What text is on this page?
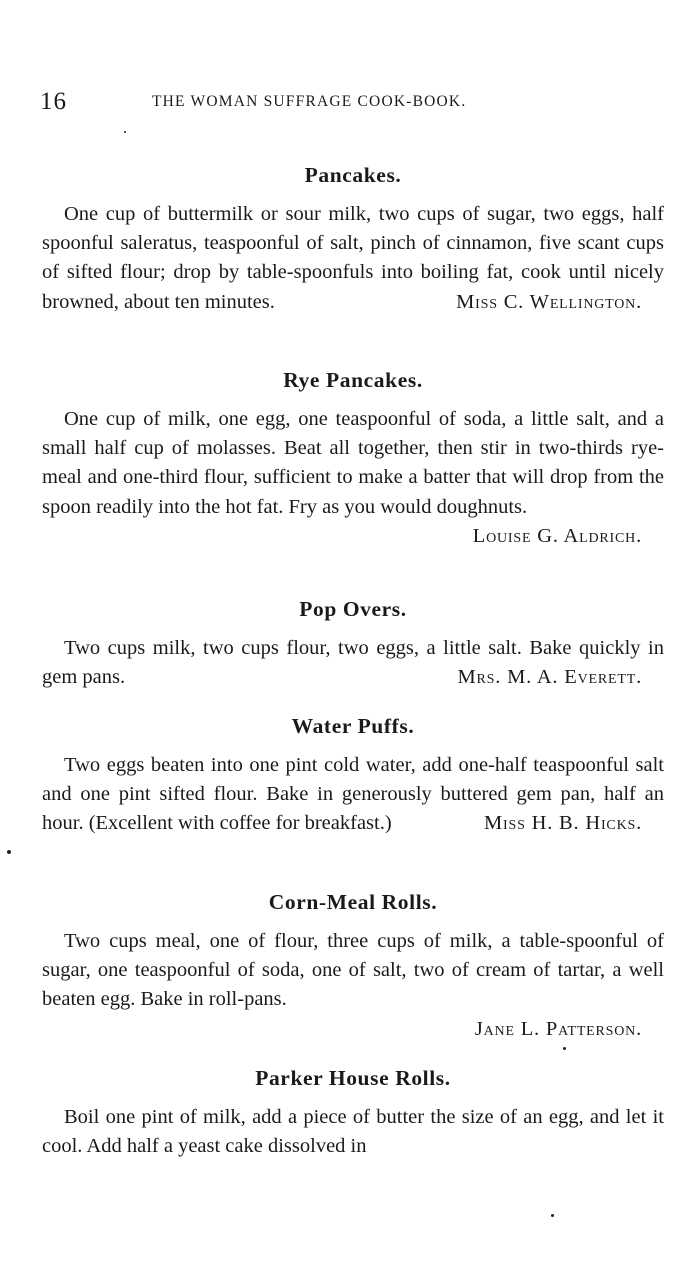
16	THE WOMAN SUFFRAGE COOK-BOOK.
Pancakes.

One cup of buttermilk or sour milk, two cups of sugar, two eggs, half spoonful saleratus, teaspoonful of salt, pinch of cinnamon, five scant cups of sifted flour; drop by table-spoonfuls into boiling fat, cook until nicely browned, about ten minutes.	Miss C. Wellington.

Rye Pancakes.

One cup of milk, one egg, one teaspoonful of soda, a little salt, and a small half cup of molasses. Beat all together, then stir in two-thirds rye-meal and one-third flour, sufficient to make a batter that will drop from the spoon readily into the hot fat. Fry as you would doughnuts.

Louise G. Aldrich.

Pop Overs.

Two cups milk, two cups flour, two eggs, a little salt. Bake quickly in gem pans.	Mrs. M. A. Everett.

Water Puffs.

Two eggs beaten into one pint cold water, add one-half teaspoonful salt and one pint sifted flour. Bake in generously buttered gem pan, half an hour. (Excellent with coffee for breakfast.)	Miss H. B. Hicks.

Corn-Meal Rolls.

Two cups meal, one of flour, three cups of milk, a table-spoonful of sugar, one teaspoonful of soda, one of salt, two of cream of tartar, a well beaten egg. Bake in roll-pans.

Jane L. Patterson.

Parker House Rolls.

Boil one pint of milk, add a piece of butter the size of an egg, and let it cool. Add half a yeast cake dissolved in
